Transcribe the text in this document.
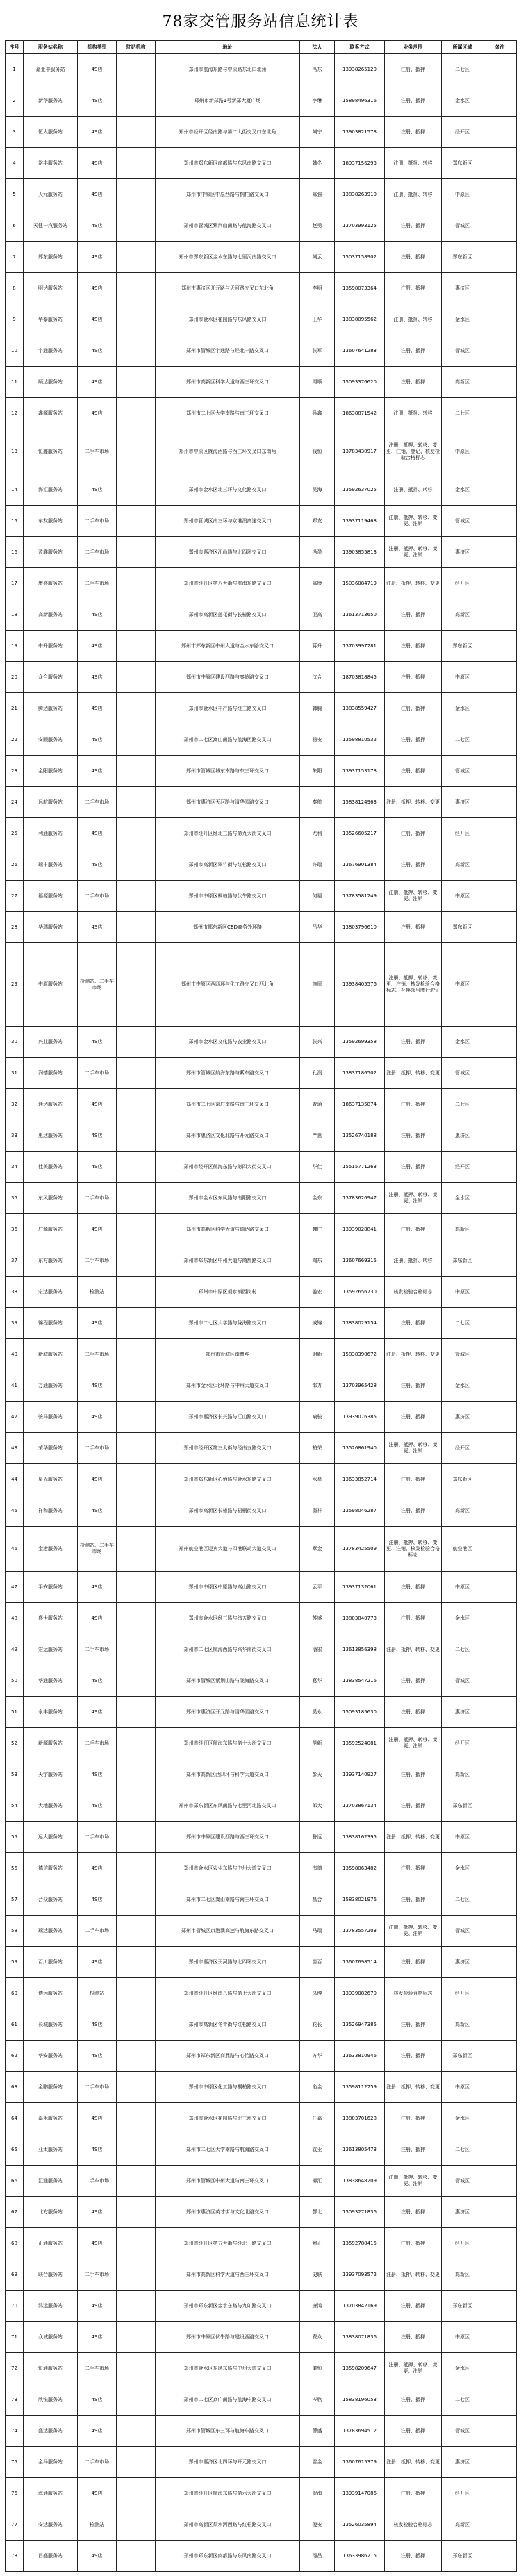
78家交管服务站信息统计表
序号	服务站名称	机构类型	驻站机构	地址	法人	联系方式	业务范围	所属区域	备注
1	嘉亚丰服务站	4S店		郑州市航海东路与中原路东北口北角	冯东	13938265120	注册、抵押	二七区	
2	新华服务站	4S店		郑州市新郑路1号新郑大厦广场	李琳	15898496316	注册、抵押	金水区	
3	恒太服务站	4S店		郑州市经开区经南路与第二大街交叉口东北角	刘宁	13903821578	注册、抵押	经开区	
4	裕丰服务站	4S店		郑州市郑东新区商都路与东风南路交叉口	韩冬	18937156293	注册、抵押、转移	郑东新区	
5	天元服务站	4S店		郑州市中原区中原西路与桐柏路交叉口	陈强	13838263910	注册、抵押、转移	中原区	
6	天健一汽服务站	4S店		郑州市管城区紫荆山南路与航海路交叉口	赵勇	13703993125	注册、抵押	管城区	
7	郑东服务站	4S店		郑州市郑东新区金水东路与七里河南路交叉口	刘云	15037158902	注册、抵押	郑东新区	
8	明达服务站	4S店		郑州市惠济区开元路与天河路交叉口东北角	李明	13598073364	注册、抵押	惠济区	
9	华泰服务站	4S店		郑州市金水区花园路与东风路交叉口	王华	13838095562	注册、抵押、转移	金水区	
10	宇通服务站	4S店		郑州市管城区宇通路与经北一路交叉口	张军	13607641283	注册、抵押	管城区	
11	顺达服务站	4S店		郑州市高新区科学大道与西三环交叉口	周顺	15093376620	注册、抵押	高新区	
12	鑫源服务站	4S店		郑州市二七区大学南路与南三环交叉口	孙鑫	18638871542	注册、抵押、转移	二七区	
13	恒鑫服务站	二手车市场		郑州市中原区陇海西路与西三环交叉口东南角	钱恒	13783430917	注册、抵押、转移、变更、注销、登记、核发检验合格标志	中原区	
14	海汇服务站	4S店		郑州市金水区北三环与文化路交叉口	吴海	13592637025	注册、抵押、转移	金水区	
15	车友服务站	二手车市场		郑州市管城区南三环与京港澳高速交叉口	郑友	13937119468	注册、抵押、转移、变更、注销	管城区	
16	盈鑫服务站	二手车市场		郑州市惠济区江山路与北四环交叉口	冯盈	13903855813	注册、抵押、转移、变更、注销	惠济区	
17	康盛服务站	二手车市场		郑州市经开区第八大街与航海东路交叉口	陈康	15036084719	注册、抵押、转移、变更	经开区	
18	高新服务站	4S店		郑州市高新区莲花街与长椿路交叉口	卫高	13613713650	注册、抵押	高新区	
19	中升服务站	4S店		郑州市郑东新区中州大道与金水东路交叉口	蒋升	13703997281	注册、抵押	郑东新区	
20	众合服务站	4S店		郑州市中原区建设西路与秦岭路交叉口	沈合	18703818845	注册、抵押	中原区	
21	腾达服务站	4S店		郑州市金水区丰产路与经三路交叉口	韩腾	13838559427	注册、抵押	金水区	
22	安顺服务站	4S店		郑州市二七区嵩山南路与航海西路交叉口	杨安	13598810532	注册、抵押	二七区	
23	金阳服务站	4S店		郑州市管城区城东南路与东三环交叉口	朱阳	13937153178	注册、抵押	管城区	
24	远航服务站	二手车市场		郑州市惠济区天河路与清华园路交叉口	秦航	15838124963	注册、抵押、转移、变更	惠济区	
25	利通服务站	4S店		郑州市经开区经北三路与第九大街交叉口	尤利	13526605217	注册、抵押	经开区	
26	瑞丰服务站	4S店		郑州市高新区翠竹街与红松路交叉口	许瑞	13676901384	注册、抵押	高新区	
27	福源服务站	二手车市场		郑州市中原区桐柏路与伏牛路交叉口	何福	13783581249	注册、抵押、转移、变更、注销	中原区	
28	华瑞服务站	4S店		郑州市郑东新区CBD商务外环路	吕华	13803796610	注册、抵押	郑东新区	
29	中原服务站	检测站、二手车市场		郑州市中原区西四环与化工路交叉口西北角	施原	13938405576	注册、抵押、转移、变更、注销、核发检验合格标志、补换领号牌行驶证	中原区	
30	兴业服务站	4S店		郑州市金水区文化路与农业路交叉口	张兴	13592699358	注册、抵押	金水区	
31	润德服务站	二手车市场		郑州市管城区航海东路与紫东路交叉口	孔润	13837186502	注册、抵押、转移、变更	管城区	
32	通达服务站	4S店		郑州市二七区京广南路与南三环交叉口	曹通	18637135874	注册、抵押	二七区	
33	惠达服务站	4S店		郑州市惠济区文化北路与开元路交叉口	严惠	13526740188	注册、抵押	惠济区	
34	佳美服务站	4S店		郑州市经开区航海东路与第四大街交叉口	华佳	15515771263	注册、抵押	经开区	
35	东风服务站	二手车市场		郑州市金水区东风路与南阳路交叉口	金东	13783626947	注册、抵押、转移、变更、注销	金水区	
36	广源服务站	4S店		郑州市高新区科学大道与瑞达路交叉口	魏广	13939028841	注册、抵押	高新区	
37	东方服务站	二手车市场		郑州市郑东新区中州大道与商都路交叉口	陶东	13607669315	注册、抵押、转移	郑东新区	
38	宏达服务站	检测站		郑州市中原区须水镇西岗村	姜宏	13592656730	核发检验合格标志	中原区	
39	锦程服务站	4S店		郑州市二七区大学路与陇海路交叉口	戚锦	13838029154	注册、抵押	二七区	
40	新城服务站	二手车市场		郑州市管城区南曹乡	谢新	15838390672	注册、抵押、转移、变更	管城区	
41	万通服务站	4S店		郑州市金水区北环路与中州大道交叉口	邹万	13703965428	注册、抵押	金水区	
42	骏马服务站	4S店		郑州市惠济区长兴路与江山路交叉口	喻骏	13939076385	注册、抵押	惠济区	
43	荣华服务站	二手车市场		郑州市经开区第三大街与经南五路交叉口	柏荣	13526861940	注册、抵押、转移、变更、注销	经开区	
44	星光服务站	4S店		郑州市郑东新区心怡路与金水东路交叉口	水星	13633852714	注册、抵押	郑东新区	
45	祥和服务站	4S店		郑州市高新区长椿路与梧桐街交叉口	窦祥	13598046287	注册、抵押	高新区	
46	金港服务站	检测站、二手车市场		郑州航空港区迎宾大道与四港联动大道交叉口	章金	13783425509	注册、抵押、转移、变更、注销、核发检验合格标志	航空港区	
47	平安服务站	4S店		郑州市中原区中原路与嵩山路交叉口	云平	13937132061	注册、抵押	中原区	
48	盛世服务站	4S店		郑州市金水区经三路与纬五路交叉口	苏盛	13803840773	注册、抵押	金水区	
49	宏运服务站	二手车市场		郑州市二七区航海西路与兴华南街交叉口	潘宏	13613856398	注册、抵押、转移、变更	二七区	
50	华通服务站	4S店		郑州市管城区紫荆山路与陇海路交叉口	葛华	13838547216	注册、抵押	管城区	
51	永丰服务站	4S店		郑州市惠济区开元路与清华园路交叉口	奚永	15093185630	注册、抵押	惠济区	
52	新源服务站	二手车市场		郑州市经开区航海东路与第十大街交叉口	范新	13592524081	注册、抵押、转移、变更、注销	经开区	
53	天宇服务站	4S店		郑州市高新区西四环与科学大道交叉口	彭天	13937140927	注册、抵押	高新区	
54	大地服务站	4S店		郑州市郑东新区东风南路与七里河北路交叉口	郎大	13703867134	注册、抵押	郑东新区	
55	远大服务站	二手车市场		郑州市中原区建设西路与西三环交叉口	鲁远	13838162395	注册、抵押、转移、变更	中原区	
56	德信服务站	4S店		郑州市金水区农业东路与中州大道交叉口	韦德	13598063482	注册、抵押	金水区	
57	合众服务站	4S店		郑州市二七区嵩山南路与南三环交叉口	昌合	15838021976	注册、抵押	二七区	
58	瑞达服务站	二手车市场		郑州市管城区京港澳高速与航海东路交叉口	马瑞	13783557203	注册、抵押、转移、变更、注销	管城区	
59	百川服务站	4S店		郑州市惠济区天河路与北四环交叉口	苗百	13607698514	注册、抵押	惠济区	
60	博远服务站	检测站		郑州市经开区经南八路与第七大街交叉口	凤博	13939082670	核发检验合格标志	经开区	
61	长城服务站	4S店		郑州市高新区冬青街与红松路交叉口	花长	13526947385	注册、抵押	高新区	
62	华安服务站	4S店		郑州市郑东新区商鼎路与心怡路交叉口	方华	13633810946	注册、抵押	郑东新区	
63	金鹏服务站	二手车市场		郑州市中原区化工路与桐柏路交叉口	俞金	13598112759	注册、抵押、转移、变更	中原区	
64	嘉禾服务站	4S店		郑州市金水区花园路与北三环交叉口	任嘉	13803701628	注册、抵押	金水区	
65	亚太服务站	4S店		郑州市二七区大学南路与航海路交叉口	袁亚	13613805473	注册、抵押	二七区	
66	汇通服务站	二手车市场		郑州市管城区中州大道与南三环交叉口	柳汇	13838648209	注册、抵押、转移、变更、注销	管城区	
67	北方服务站	4S店		郑州市惠济区英才街与文化北路交叉口	酆北	15093271836	注册、抵押	惠济区	
68	正通服务站	4S店		郑州市经开区第五大街与经北一路交叉口	鲍正	13592780415	注册、抵押	经开区	
69	联合服务站	二手车市场		郑州市高新区科学大道与西三环交叉口	史联	13937093572	注册、抵押、转移、变更	高新区	
70	鸿运服务站	4S店		郑州市郑东新区金水东路与九如路交叉口	唐鸿	13703842169	注册、抵押	郑东新区	
71	众诚服务站	4S店		郑州市中原区伏牛路与建设西路交叉口	费众	13838071836	注册、抵押	中原区	
72	恒通服务站	二手车市场		郑州市金水区东风东路与中州大道交叉口	廉恒	13598209647	注册、抵押、转移、变更、注销	金水区	
73	欣悦服务站	4S店		郑州市二七区京广南路与航海中路交叉口	岑欣	15838196053	注册、抵押	二七区	
74	盛达服务站	4S店		郑州市管城区东三环与航海东路交叉口	薛盛	13783694512	注册、抵押	管城区	
75	金马服务站	二手车市场		郑州市惠济区北四环与开元路交叉口	雷金	13607615379	注册、抵押、转移、变更	惠济区	
76	海通服务站	4S店		郑州市经开区航海东路与第六大街交叉口	贺海	13939147086	注册、抵押	经开区	
77	安达服务站	检测站		郑州市高新区须水河西路与红松路交叉口	倪安	13526035894	核发检验合格标志	高新区	
78	昌盛服务站	4S店		郑州市郑东新区商都路与东风南路交叉口	汤昌	13633986215	注册、抵押	郑东新区	
